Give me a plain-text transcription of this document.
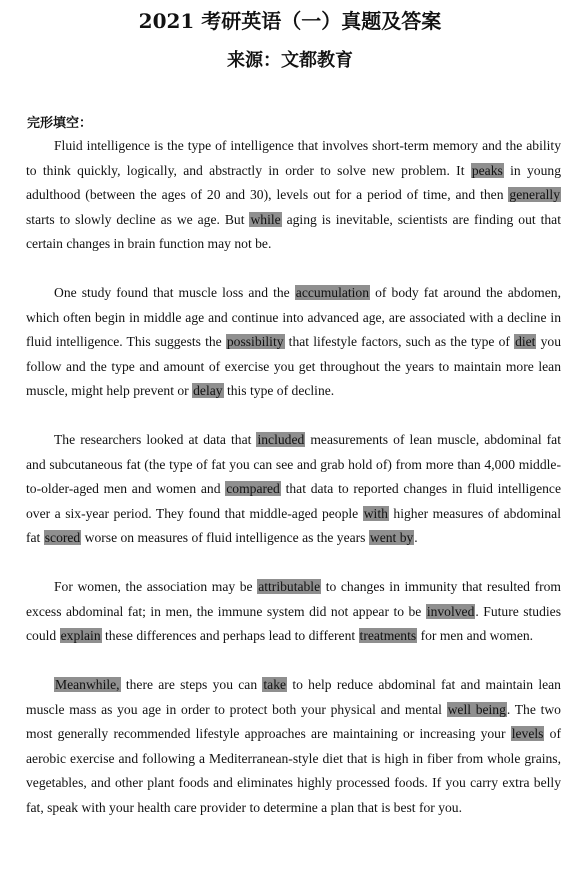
2021 考研英语（一）真题及答案
来源：文都教育
完形填空：

Fluid intelligence is the type of intelligence that involves short-term memory and the ability to think quickly, logically, and abstractly in order to solve new problem. It peaks in young adulthood (between the ages of 20 and 30), levels out for a period of time, and then generally starts to slowly decline as we age. But while aging is inevitable, scientists are finding out that certain changes in brain function may not be.

One study found that muscle loss and the accumulation of body fat around the abdomen, which often begin in middle age and continue into advanced age, are associated with a decline in fluid intelligence. This suggests the possibility that lifestyle factors, such as the type of diet you follow and the type and amount of exercise you get throughout the years to maintain more lean muscle, might help prevent or delay this type of decline.

The researchers looked at data that included measurements of lean muscle, abdominal fat and subcutaneous fat (the type of fat you can see and grab hold of) from more than 4,000 middle-to-older-aged men and women and compared that data to reported changes in fluid intelligence over a six-year period. They found that middle-aged people with higher measures of abdominal fat scored worse on measures of fluid intelligence as the years went by.

For women, the association may be attributable to changes in immunity that resulted from excess abdominal fat; in men, the immune system did not appear to be involved. Future studies could explain these differences and perhaps lead to different treatments for men and women.

Meanwhile, there are steps you can take to help reduce abdominal fat and maintain lean muscle mass as you age in order to protect both your physical and mental well being. The two most generally recommended lifestyle approaches are maintaining or increasing your levels of aerobic exercise and following a Mediterranean-style diet that is high in fiber from whole grains, vegetables, and other plant foods and eliminates highly processed foods. If you carry extra belly fat, speak with your health care provider to determine a plan that is best for you.
